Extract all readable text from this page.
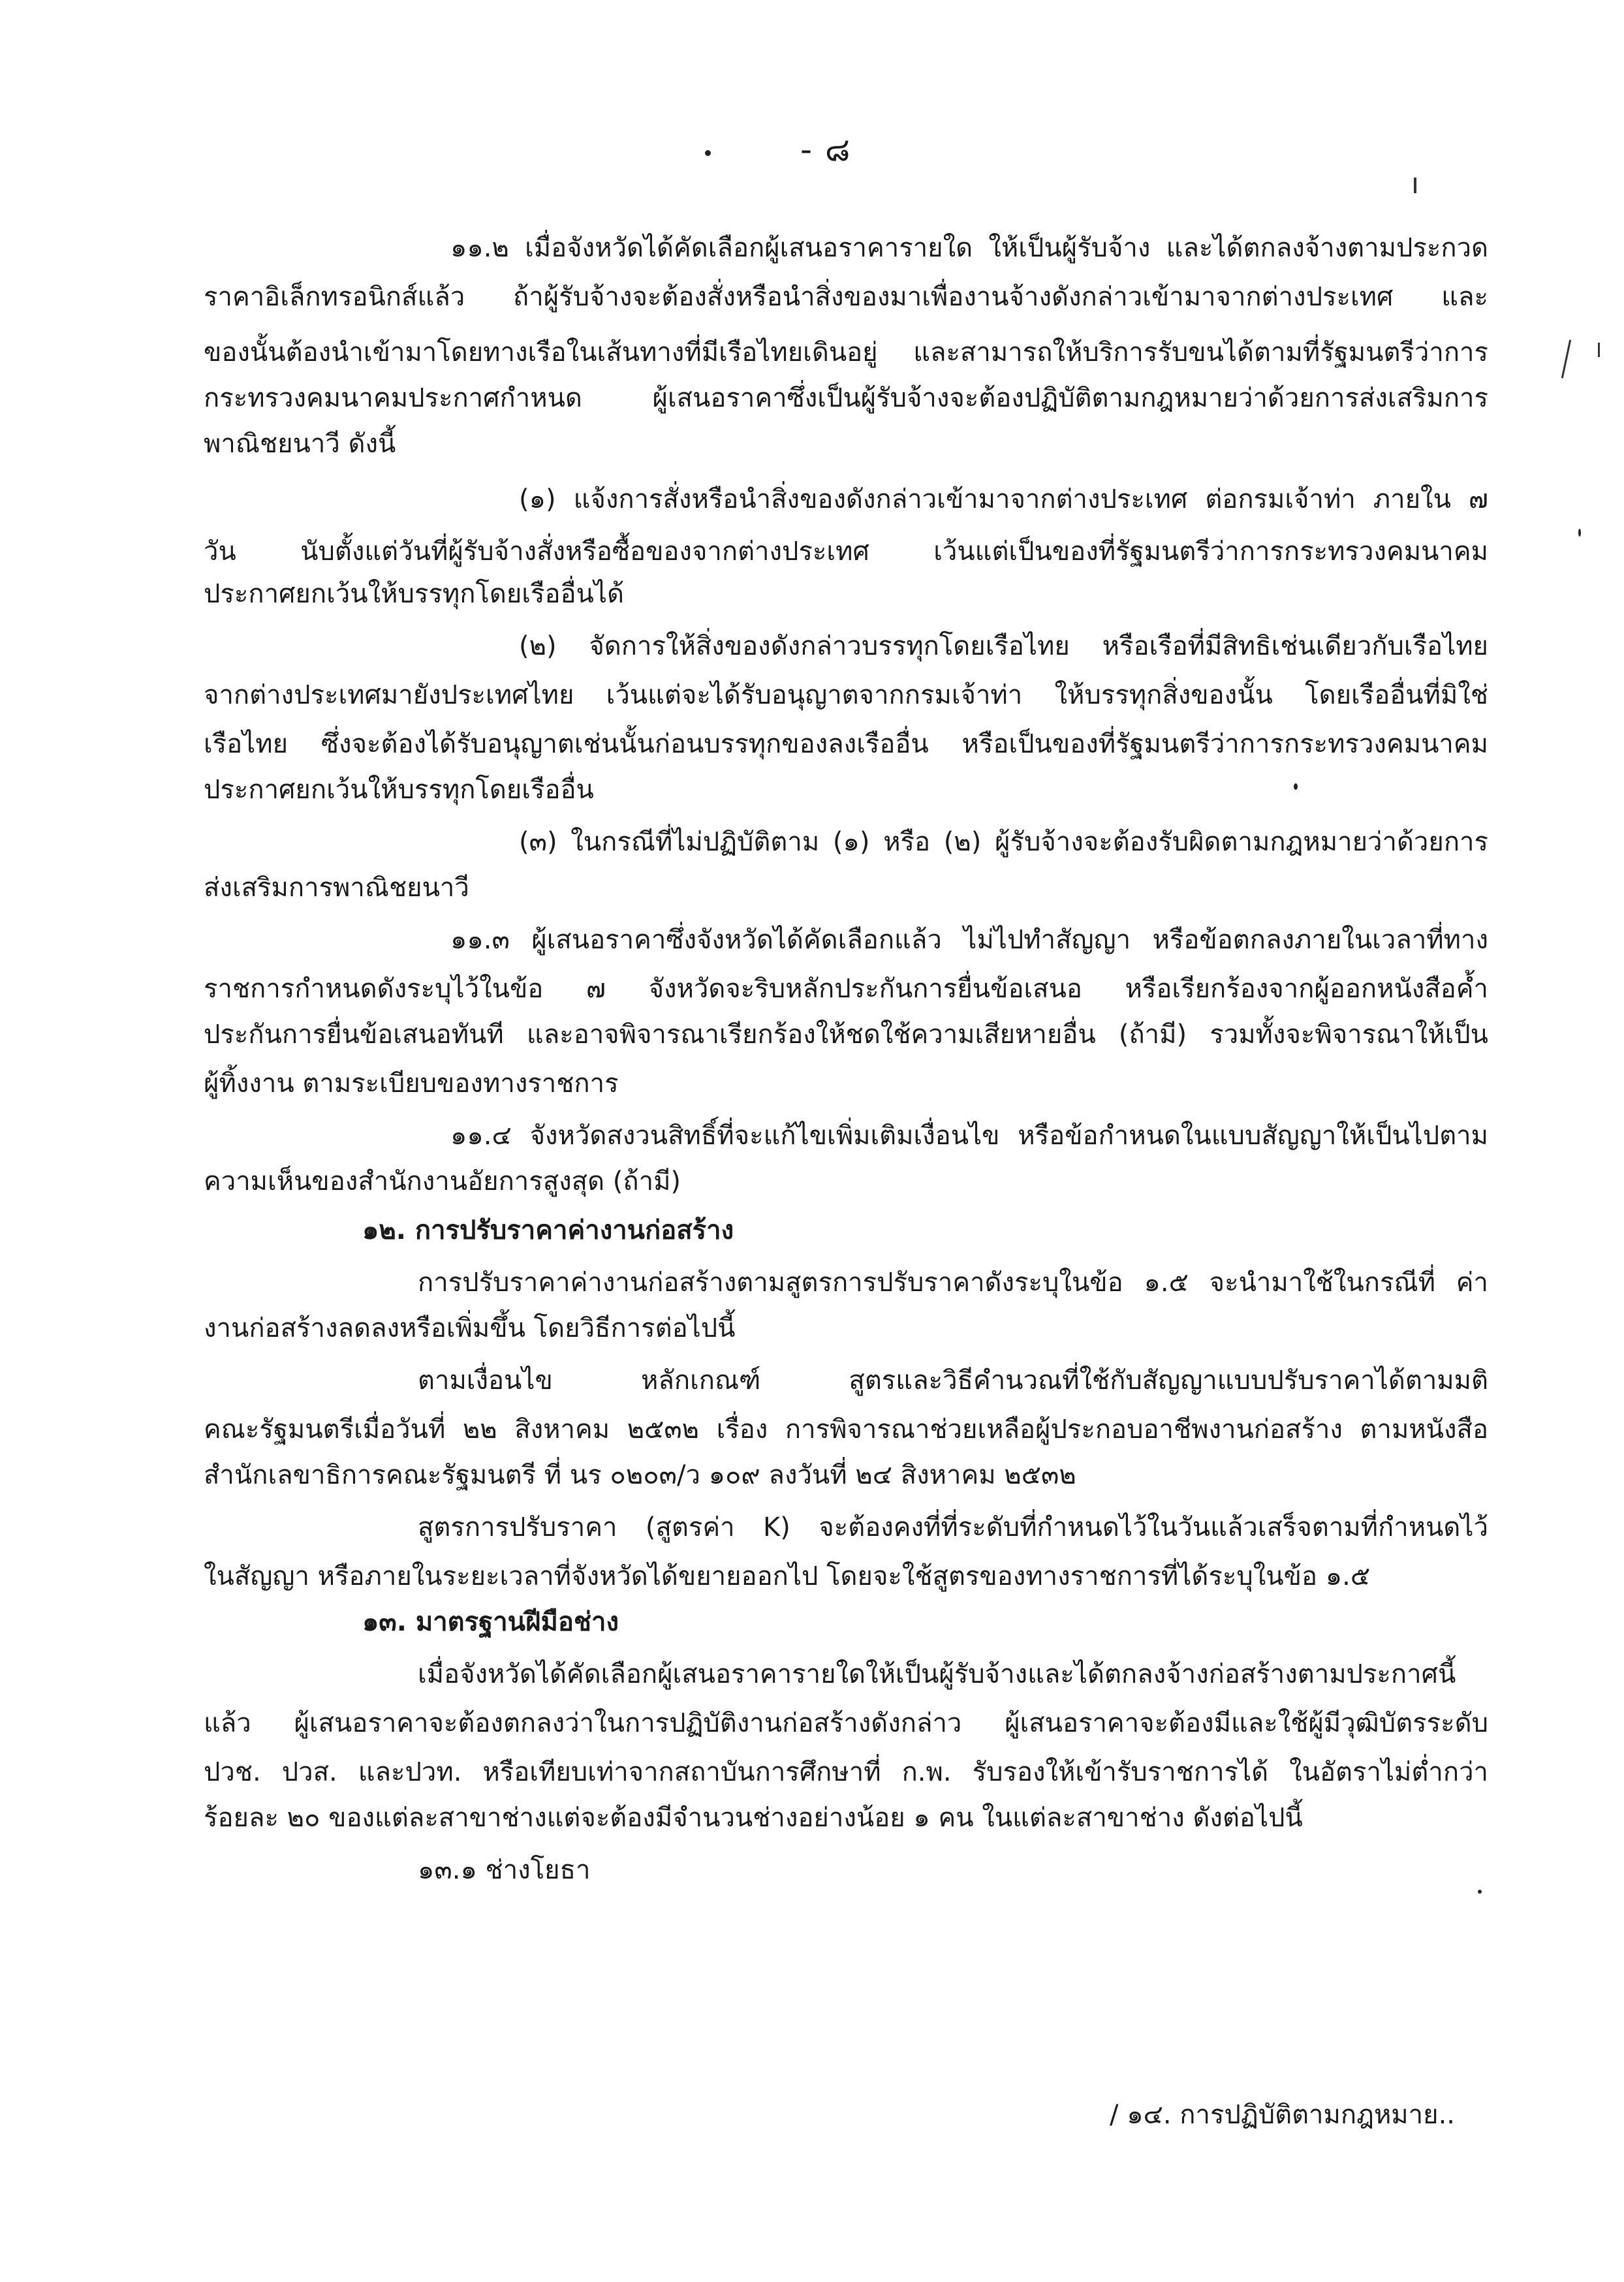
- ๘
๑๑.๒ เมื่อจังหวัดได้คัดเลือกผู้เสนอราคารายใด ให้เป็นผู้รับจ้าง และได้ตกลงจ้างตามประกวด
ราคาอิเล็กทรอนิกส์แล้ว ถ้าผู้รับจ้างจะต้องสั่งหรือนำสิ่งของมาเพื่องานจ้างดังกล่าวเข้ามาจากต่างประเทศ และ
ของนั้นต้องนำเข้ามาโดยทางเรือในเส้นทางที่มีเรือไทยเดินอยู่ และสามารถให้บริการรับขนได้ตามที่รัฐมนตรีว่าการ
กระทรวงคมนาคมประกาศกำหนด ผู้เสนอราคาซึ่งเป็นผู้รับจ้างจะต้องปฏิบัติตามกฎหมายว่าด้วยการส่งเสริมการ
พาณิชยนาวี ดังนี้
(๑) แจ้งการสั่งหรือนำสิ่งของดังกล่าวเข้ามาจากต่างประเทศ ต่อกรมเจ้าท่า ภายใน ๗
วัน นับตั้งแต่วันที่ผู้รับจ้างสั่งหรือซื้อของจากต่างประเทศ เว้นแต่เป็นของที่รัฐมนตรีว่าการกระทรวงคมนาคม
ประกาศยกเว้นให้บรรทุกโดยเรืออื่นได้
(๒) จัดการให้สิ่งของดังกล่าวบรรทุกโดยเรือไทย หรือเรือที่มีสิทธิเช่นเดียวกับเรือไทย
จากต่างประเทศมายังประเทศไทย เว้นแต่จะได้รับอนุญาตจากกรมเจ้าท่า ให้บรรทุกสิ่งของนั้น โดยเรืออื่นที่มิใช่
เรือไทย ซึ่งจะต้องได้รับอนุญาตเช่นนั้นก่อนบรรทุกของลงเรืออื่น หรือเป็นของที่รัฐมนตรีว่าการกระทรวงคมนาคม
ประกาศยกเว้นให้บรรทุกโดยเรืออื่น
(๓) ในกรณีที่ไม่ปฏิบัติตาม (๑) หรือ (๒) ผู้รับจ้างจะต้องรับผิดตามกฎหมายว่าด้วยการ
ส่งเสริมการพาณิชยนาวี
๑๑.๓ ผู้เสนอราคาซึ่งจังหวัดได้คัดเลือกแล้ว ไม่ไปทำสัญญา หรือข้อตกลงภายในเวลาที่ทาง
ราชการกำหนดดังระบุไว้ในข้อ ๗ จังหวัดจะริบหลักประกันการยื่นข้อเสนอ หรือเรียกร้องจากผู้ออกหนังสือค้ำ
ประกันการยื่นข้อเสนอทันที และอาจพิจารณาเรียกร้องให้ชดใช้ความเสียหายอื่น (ถ้ามี) รวมทั้งจะพิจารณาให้เป็น
ผู้ทิ้งงาน ตามระเบียบของทางราชการ
๑๑.๔ จังหวัดสงวนสิทธิ์ที่จะแก้ไขเพิ่มเติมเงื่อนไข หรือข้อกำหนดในแบบสัญญาให้เป็นไปตาม
ความเห็นของสำนักงานอัยการสูงสุด (ถ้ามี)
๑๒. การปรับราคาค่างานก่อสร้าง
การปรับราคาค่างานก่อสร้างตามสูตรการปรับราคาดังระบุในข้อ ๑.๕ จะนำมาใช้ในกรณีที่ ค่า
งานก่อสร้างลดลงหรือเพิ่มขึ้น โดยวิธีการต่อไปนี้
ตามเงื่อนไข หลักเกณฑ์ สูตรและวิธีคำนวณที่ใช้กับสัญญาแบบปรับราคาได้ตามมติ
คณะรัฐมนตรีเมื่อวันที่ ๒๒ สิงหาคม ๒๕๓๒ เรื่อง การพิจารณาช่วยเหลือผู้ประกอบอาชีพงานก่อสร้าง ตามหนังสือ
สำนักเลขาธิการคณะรัฐมนตรี ที่ นร ๐๒๐๓/ว ๑๐๙ ลงวันที่ ๒๔ สิงหาคม ๒๕๓๒
สูตรการปรับราคา (สูตรค่า K) จะต้องคงที่ที่ระดับที่กำหนดไว้ในวันแล้วเสร็จตามที่กำหนดไว้
ในสัญญา หรือภายในระยะเวลาที่จังหวัดได้ขยายออกไป โดยจะใช้สูตรของทางราชการที่ได้ระบุในข้อ ๑.๕
๑๓. มาตรฐานฝีมือช่าง
เมื่อจังหวัดได้คัดเลือกผู้เสนอราคารายใดให้เป็นผู้รับจ้างและได้ตกลงจ้างก่อสร้างตามประกาศนี้
แล้ว ผู้เสนอราคาจะต้องตกลงว่าในการปฏิบัติงานก่อสร้างดังกล่าว ผู้เสนอราคาจะต้องมีและใช้ผู้มีวุฒิบัตรระดับ
ปวช. ปวส. และปวท. หรือเทียบเท่าจากสถาบันการศึกษาที่ ก.พ. รับรองให้เข้ารับราชการได้ ในอัตราไม่ต่ำกว่า
ร้อยละ ๒๐ ของแต่ละสาขาช่างแต่จะต้องมีจำนวนช่างอย่างน้อย ๑ คน ในแต่ละสาขาช่าง ดังต่อไปนี้
๑๓.๑ ช่างโยธา
/ ๑๔. การปฏิบัติตามกฎหมาย..
